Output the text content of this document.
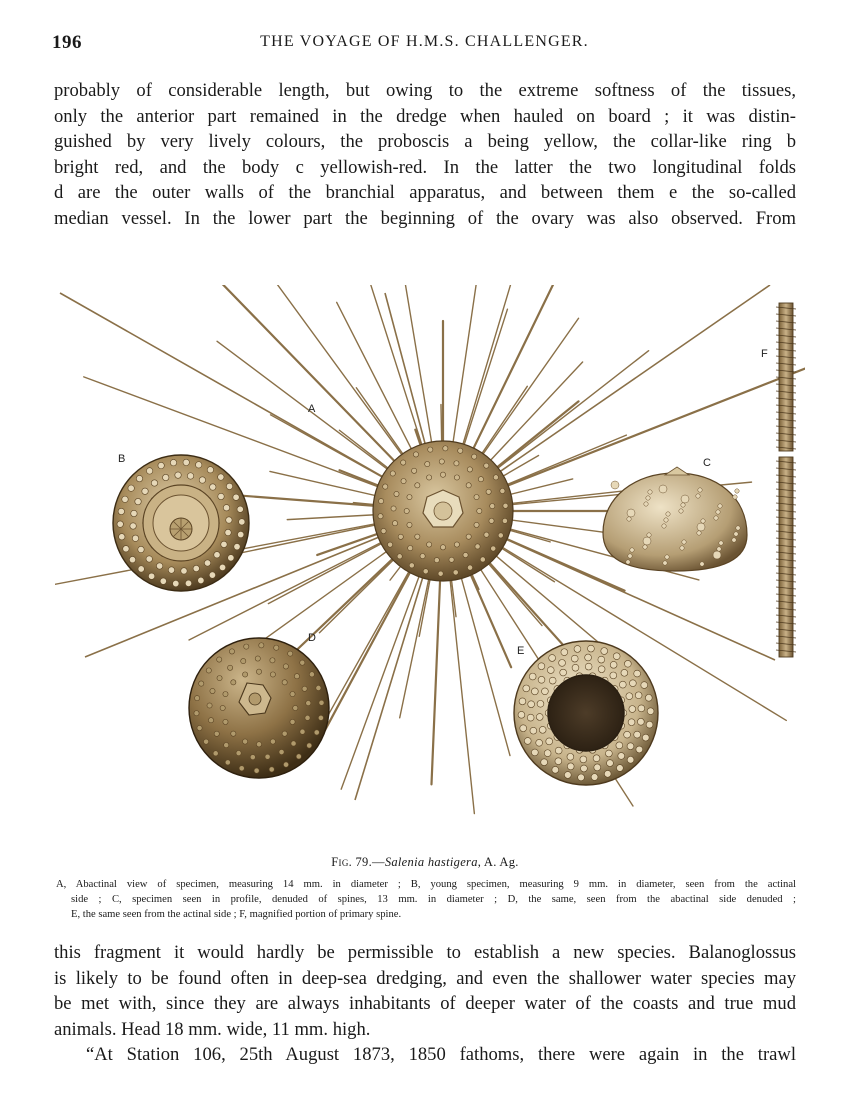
196	THE VOYAGE OF H.M.S. CHALLENGER.

probably of considerable length, but owing to the extreme softness of the tissues,
only the anterior part remained in the dredge when hauled on board ; it was distin-
guished by very lively colours, the proboscis a being yellow, the collar-like ring b
bright red, and the body c yellowish-red. In the latter the two longitudinal folds
d are the outer walls of the branchial apparatus, and between them e the so-called
median vessel. In the lower part the beginning of the ovary was also observed. From

A
B	C
D
E
F
Fig. 79.—Salenia hastigera, A. Ag.
A, Abactinal view of specimen, measuring 14 mm. in diameter ; B, young specimen, measuring 9 mm. in diameter, seen from the actinal
side ; C, specimen seen in profile, denuded of spines, 13 mm. in diameter ; D, the same, seen from the abactinal side denuded ;
E, the same seen from the actinal side ; F, magnified portion of primary spine.

this fragment it would hardly be permissible to establish a new species. Balanoglossus
is likely to be found often in deep-sea dredging, and even the shallower water species may
be met with, since they are always inhabitants of deeper water of the coasts and true mud
animals. Head 18 mm. wide, 11 mm. high.
“At Station 106, 25th August 1873, 1850 fathoms, there were again in the trawl
